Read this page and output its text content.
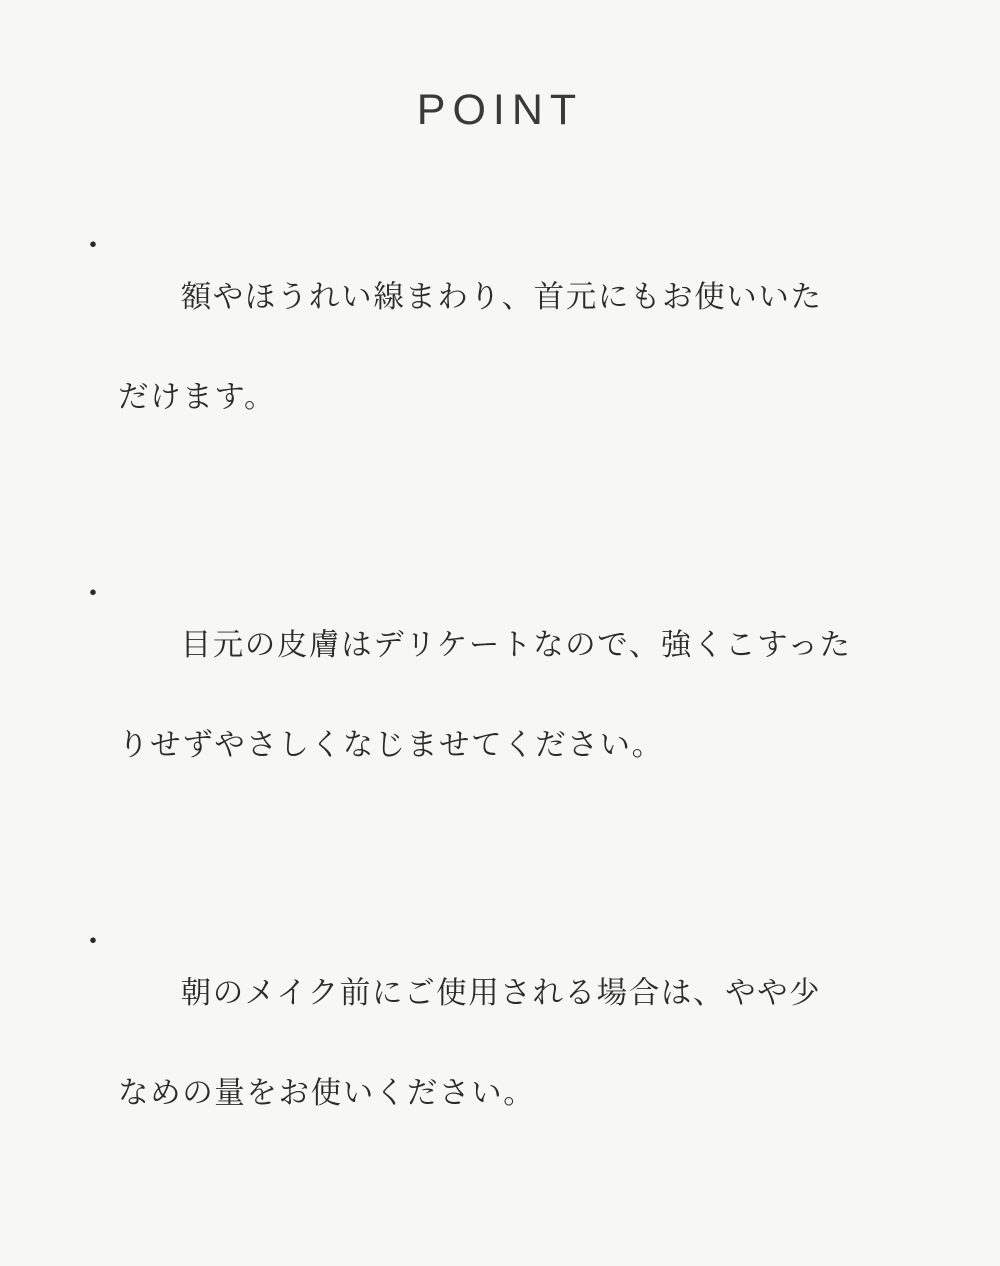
POINT
・

額やほうれい線まわり、首元にもお使いいた

だけます。

・

目元の皮膚はデリケートなので、強くこすった

りせずやさしくなじませてください。

・

朝のメイク前にご使用される場合は、やや少

なめの量をお使いください。
